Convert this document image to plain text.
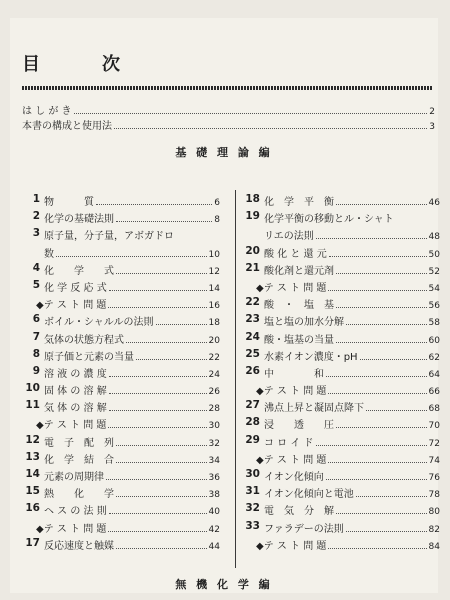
目	次
は し が き	2
本書の構成と使用法	3
基 礎 理 論 編
1 物　　　質	6
2 化学の基礎法則	8
3 原子量，分子量，アボガドロ
数	10
4 化　　学　　式	12
5 化 学 反 応 式	14
◆テ ス ト 問 題	16
6 ボイル・シャルルの法則	18
7 気体の状態方程式	20
8 原子価と元素の当量	22
9 溶 液 の 濃 度	24
10 固 体 の 溶 解	26
11 気 体 の 溶 解	28
◆テ ス ト 問 題	30
12 電　子　配　列	32
13 化　学　結　合	34
14 元素の周期律	36
15 熱　　化　　学	38
16 ヘ ス の 法 則	40
◆テ ス ト 問 題	42
17 反応速度と触媒	44
18 化　学　平　衡	46
19 化学平衡の移動とル・シャト
リエの法則	48
20 酸 化 と 還 元	50
21 酸化剤と還元剤	52
◆テ ス ト 問 題	54
22 酸　・　塩　基	56
23 塩と塩の加水分解	58
24 酸・塩基の当量	60
25 水素イオン濃度・pH	62
26 中　　　　和	64
◆テ ス ト 問 題	66
27 沸点上昇と凝固点降下	68
28 浸　　透　　圧	70
29 コ ロ イ ド	72
◆テ ス ト 問 題	74
30 イオン化傾向	76
31 イオン化傾向と電池	78
32 電　気　分　解	80
33 ファラデーの法則	82
◆テ ス ト 問 題	84
無 機 化 学 編
